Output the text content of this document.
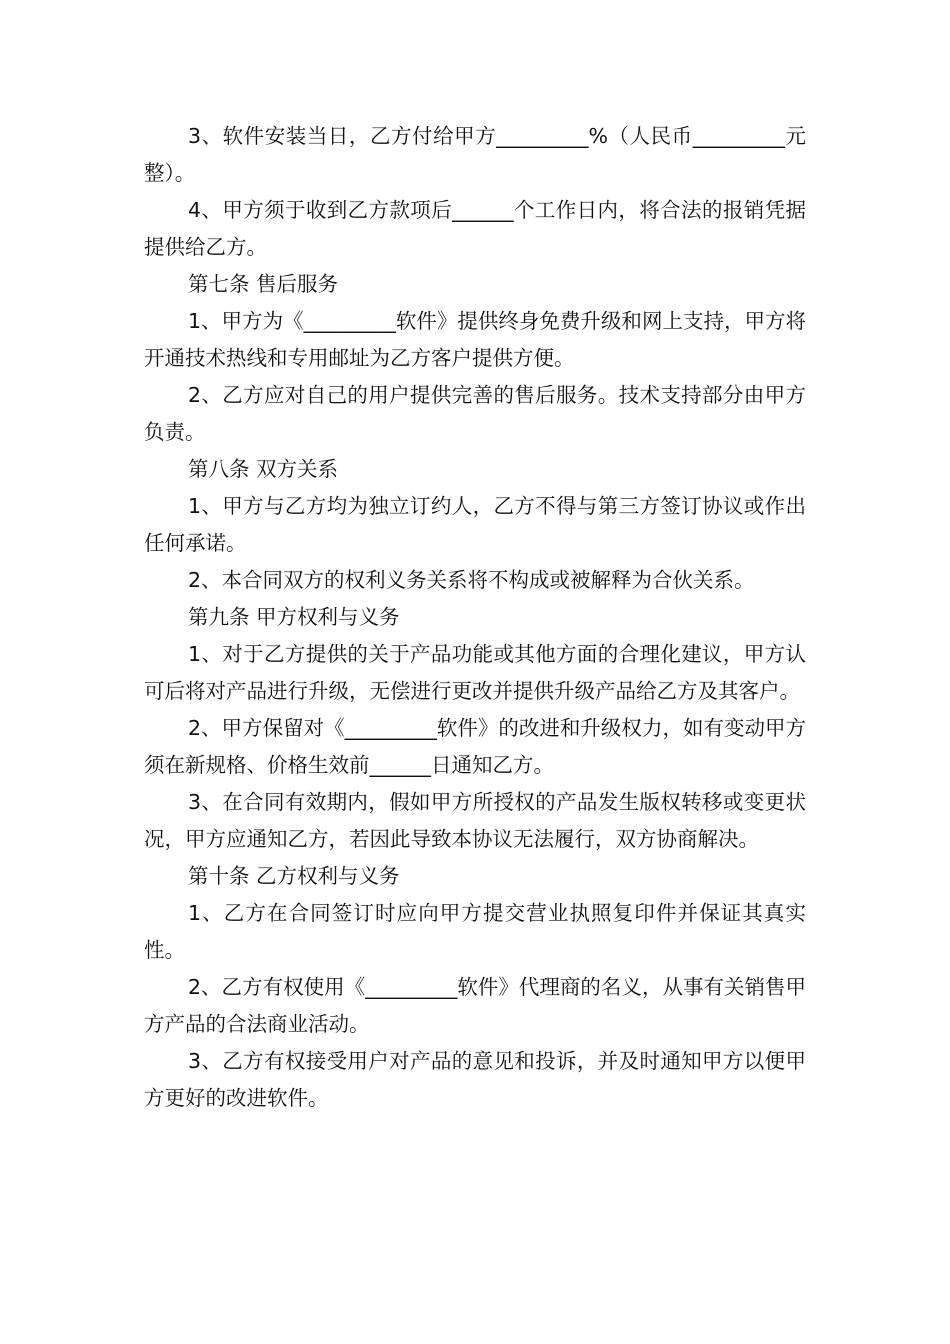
3、软件安装当日，乙方付给甲方_________%（人民币_________元整）。

4、甲方须于收到乙方款项后______个工作日内，将合法的报销凭据提供给乙方。

第七条 售后服务

1、甲方为《_________软件》提供终身免费升级和网上支持，甲方将开通技术热线和专用邮址为乙方客户提供方便。

2、乙方应对自己的用户提供完善的售后服务。技术支持部分由甲方负责。

第八条 双方关系

1、甲方与乙方均为独立订约人，乙方不得与第三方签订协议或作出任何承诺。

2、本合同双方的权利义务关系将不构成或被解释为合伙关系。

第九条 甲方权利与义务

1、对于乙方提供的关于产品功能或其他方面的合理化建议，甲方认可后将对产品进行升级，无偿进行更改并提供升级产品给乙方及其客户。

2、甲方保留对《_________软件》的改进和升级权力，如有变动甲方须在新规格、价格生效前______日通知乙方。

3、在合同有效期内，假如甲方所授权的产品发生版权转移或变更状况，甲方应通知乙方，若因此导致本协议无法履行，双方协商解决。

第十条 乙方权利与义务

1、乙方在合同签订时应向甲方提交营业执照复印件并保证其真实性。

2、乙方有权使用《_________软件》代理商的名义，从事有关销售甲方产品的合法商业活动。

3、乙方有权接受用户对产品的意见和投诉，并及时通知甲方以便甲方更好的改进软件。
